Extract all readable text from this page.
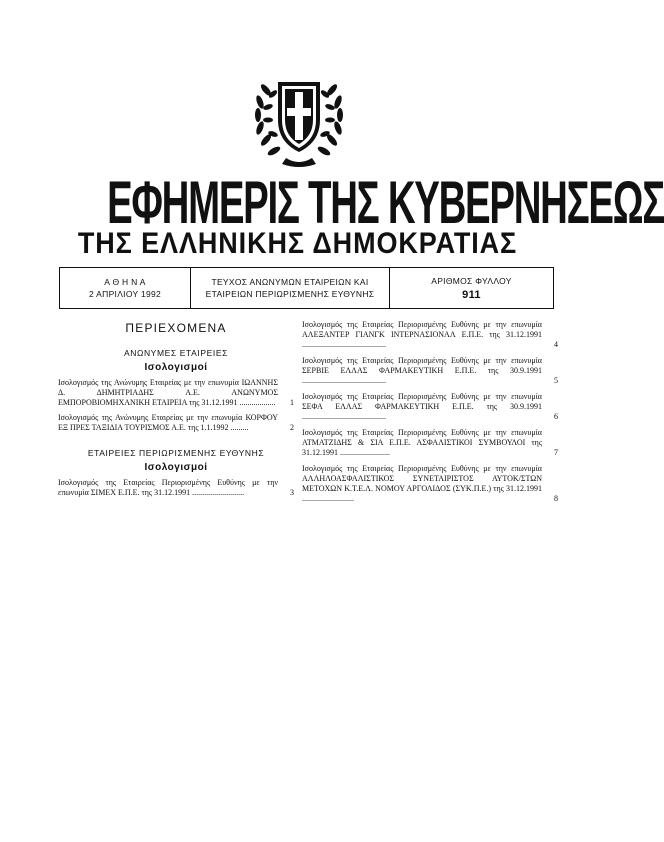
ΕΦΗΜΕΡΙΣ ΤΗΣ ΚΥΒΕΡΝΗΣΕΩΣ
ΤΗΣ ΕΛΛΗΝΙΚΗΣ ΔΗΜΟΚΡΑΤΙΑΣ
Α Θ Η Ν Α
2 ΑΠΡΙΛΙΟΥ 1992
ΤΕΥΧΟΣ ΑΝΩΝΥΜΩΝ ΕΤΑΙΡΕΙΩΝ ΚΑΙ
ΕΤΑΙΡΕΙΩΝ ΠΕΡΙΩΡΙΣΜΕΝΗΣ ΕΥΘΥΝΗΣ
ΑΡΙΘΜΟΣ ΦΥΛΛΟΥ
911
ΠΕΡΙΕΧΟΜΕΝΑ
ΑΝΩΝΥΜΕΣ ΕΤΑΙΡΕΙΕΣ
Ισολογισμοί
Ισολογισμός της Ανώνυμης Εταιρείας με την επωνυμία ΙΩΑΝΝΗΣ Δ. ΔΗΜΗΤΡΙΑΔΗΣ Α.Ε. ΑΝΩΝΥΜΟΣ ΕΜΠΟΡΟΒΙΟΜΗΧΑΝΙΚΗ ΕΤΑΙΡΕΙΑ της 31.12.1991 .................. 1
Ισολογισμός της Ανώνυμης Εταιρείας με την επωνυμία ΚΟΡΦΟΥ ΕΞ ΠΡΕΣ ΤΑΞΙΔΙΑ ΤΟΥΡΙΣΜΟΣ Α.Ε. της 1.1.1992 .........	2
ΕΤΑΙΡΕΙΕΣ ΠΕΡΙΩΡΙΣΜΕΝΗΣ ΕΥΘΥΝΗΣ
Ισολογισμοί
Ισολογισμός της Εταιρείας Περιορισμένης Ευθύνης με την επωνυμία ΣΙΜΕΧ Ε.Π.Ε. της 31.12.1991 ..........................	3
Ισολογισμός της Εταιρείας Περιορισμένης Ευθύνης με την επωνυμία ΑΛΕΞΑΝΤΕΡ ΓΙΑΝΓΚ ΙΝΤΕΡΝΑΣΙΟΝΑΛ Ε.Π.Ε. της 31.12.1991 ..........................................	4
Ισολογισμός της Εταιρείας Περιορισμένης Ευθύνης με την επωνυμία ΣΕΡΒΙΕ ΕΛΛΑΣ ΦΑΡΜΑΚΕΥΤΙΚΗ Ε.Π.Ε. της 30.9.1991 ..........................................	5
Ισολογισμός της Εταιρείας Περιορισμένης Ευθύνης με την επωνυμία ΣΕΦΑ ΕΛΛΑΣ ΦΑΡΜΑΚΕΥΤΙΚΗ Ε.Π.Ε. της 30.9.1991 ..........................................	6
Ισολογισμός της Εταιρείας Περιορισμένης Ευθύνης με την επωνυμία ΑΤΜΑΤΖΙΔΗΣ & ΣΙΑ Ε.Π.Ε. ΑΣΦΑΛΙΣΤΙΚΟΙ ΣΥΜΒΟΥΛΟΙ της 31.12.1991 .........................	7
Ισολογισμός της Εταιρείας Περιορισμένης Ευθύνης με την επωνυμία ΑΛΛΗΛΟΑΣΦΑΛΙΣΤΙΚΟΣ ΣΥΝΕΤΑΙΡΙΣΤΟΣ ΑΥΤΟΚ/ΣΤΩΝ ΜΕΤΟΧΩΝ Κ.Τ.Ε.Λ. ΝΟΜΟΥ ΑΡΓΟΛΙΔΟΣ (ΣΥΚ.Π.Ε.) της 31.12.1991 ..........................	8
